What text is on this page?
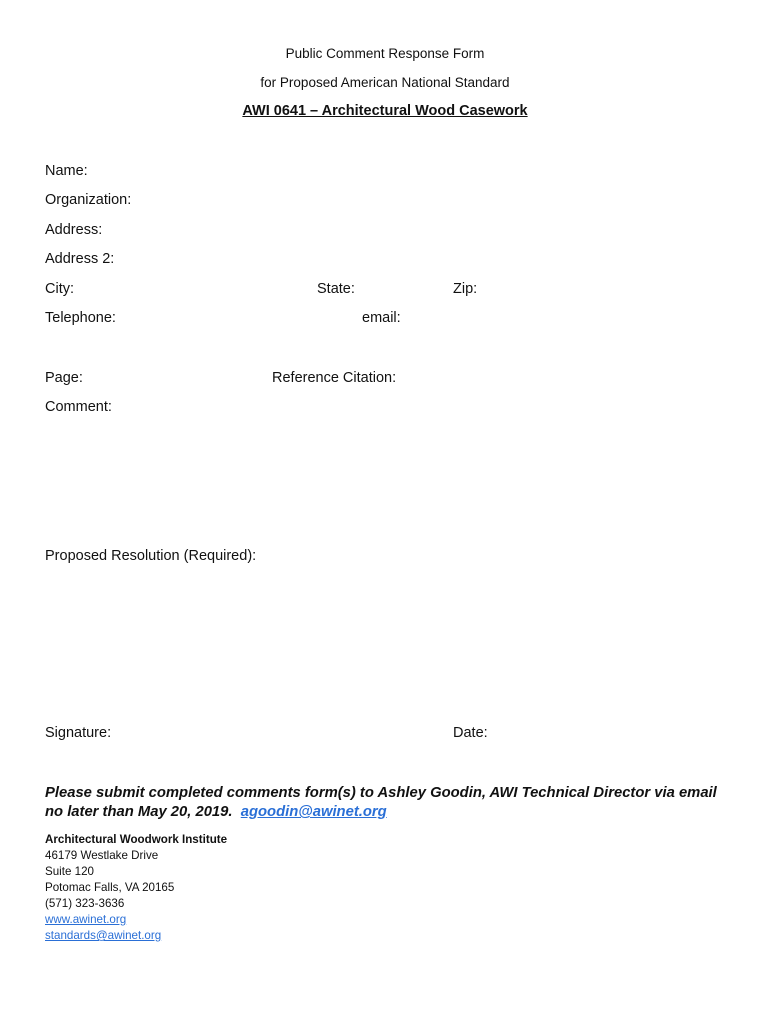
Public Comment Response Form
for Proposed American National Standard
AWI 0641 – Architectural Wood Casework
Name:
Organization:
Address:
Address 2:
City:	State:	Zip:
Telephone:	email:
Page:	Reference Citation:
Comment:
Proposed Resolution (Required):
Signature:	Date:
Please submit completed comments form(s) to Ashley Goodin, AWI Technical Director via email no later than May 20, 2019. agoodin@awinet.org
Architectural Woodwork Institute
46179 Westlake Drive
Suite 120
Potomac Falls, VA 20165
(571) 323-3636
www.awinet.org
standards@awinet.org
